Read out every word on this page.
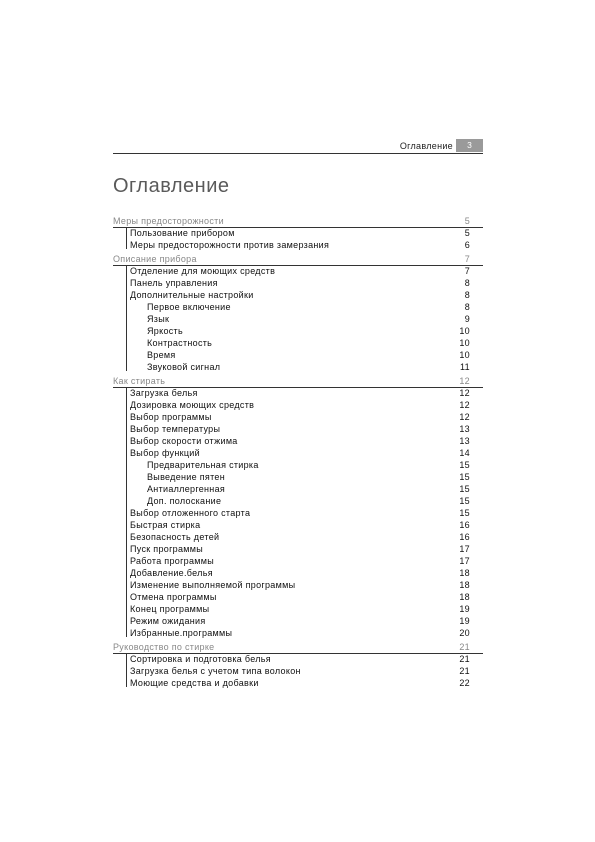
Оглавление	3
Оглавление
Меры предосторожности	5
Пользование прибором	5
Меры предосторожности против замерзания	6
Описание прибора	7
Отделение для моющих средств	7
Панель управления	8
Дополнительные настройки	8
Первое включение	8
Язык	9
Яркость	10
Контрастность	10
Время	10
Звуковой сигнал	11
Как стирать	12
Загрузка белья	12
Дозировка моющих средств	12
Выбор программы	12
Выбор температуры	13
Выбор скорости отжима	13
Выбор функций	14
Предварительная стирка	15
Выведение пятен	15
Антиаллергенная	15
Доп. полоскание	15
Выбор отложенного старта	15
Быстрая стирка	16
Безопасность детей	16
Пуск программы	17
Работа программы	17
Добавление.белья	18
Изменение выполняемой программы	18
Отмена программы	18
Конец программы	19
Режим ожидания	19
Избранные.программы	20
Руководство по стирке	21
Сортировка и подготовка белья	21
Загрузка белья с учетом типа волокон	21
Моющие средства и добавки	22
